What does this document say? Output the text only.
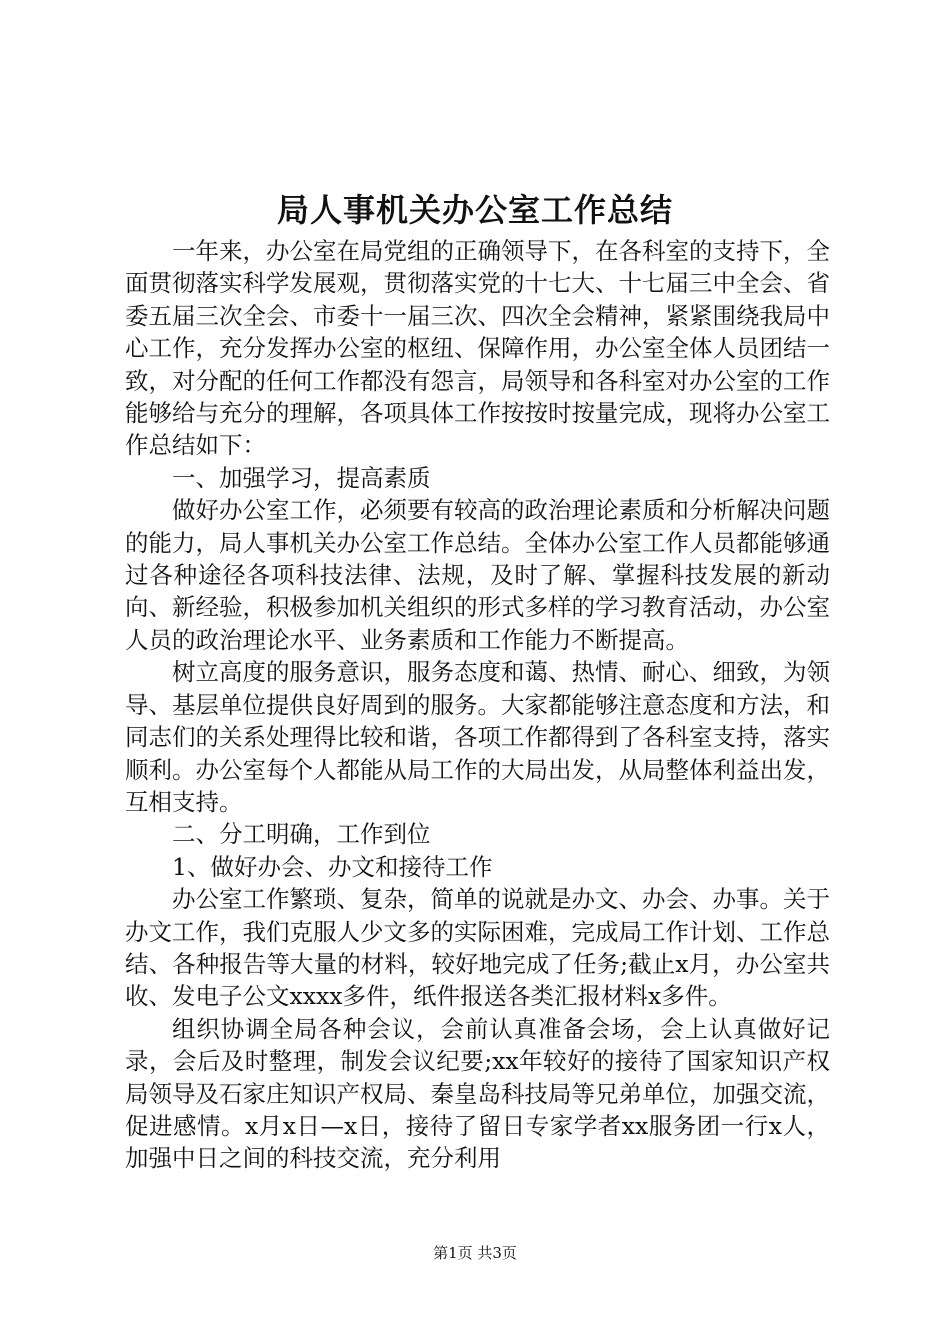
局人事机关办公室工作总结

一年来，办公室在局党组的正确领导下，在各科室的支持下，全面贯彻落实科学发展观，贯彻落实党的十七大、十七届三中全会、省委五届三次全会、市委十一届三次、四次全会精神，紧紧围绕我局中心工作，充分发挥办公室的枢纽、保障作用，办公室全体人员团结一致，对分配的任何工作都没有怨言，局领导和各科室对办公室的工作能够给与充分的理解，各项具体工作按按时按量完成，现将办公室工作总结如下：

一、加强学习，提高素质

做好办公室工作，必须要有较高的政治理论素质和分析解决问题的能力，局人事机关办公室工作总结。全体办公室工作人员都能够通过各种途径各项科技法律、法规，及时了解、掌握科技发展的新动向、新经验，积极参加机关组织的形式多样的学习教育活动，办公室人员的政治理论水平、业务素质和工作能力不断提高。

树立高度的服务意识，服务态度和蔼、热情、耐心、细致，为领导、基层单位提供良好周到的服务。大家都能够注意态度和方法，和同志们的关系处理得比较和谐，各项工作都得到了各科室支持，落实顺利。办公室每个人都能从局工作的大局出发，从局整体利益出发，互相支持。

二、分工明确，工作到位

1、做好办会、办文和接待工作

办公室工作繁琐、复杂，简单的说就是办文、办会、办事。关于办文工作，我们克服人少文多的实际困难，完成局工作计划、工作总结、各种报告等大量的材料，较好地完成了任务;截止x月，办公室共收、发电子公文xxxx多件，纸件报送各类汇报材料x多件。

组织协调全局各种会议，会前认真准备会场，会上认真做好记录，会后及时整理，制发会议纪要;xx年较好的接待了国家知识产权局领导及石家庄知识产权局、秦皇岛科技局等兄弟单位，加强交流，促进感情。x月x日—x日，接待了留日专家学者xx服务团一行x人，加强中日之间的科技交流，充分利用

第1页 共3页
